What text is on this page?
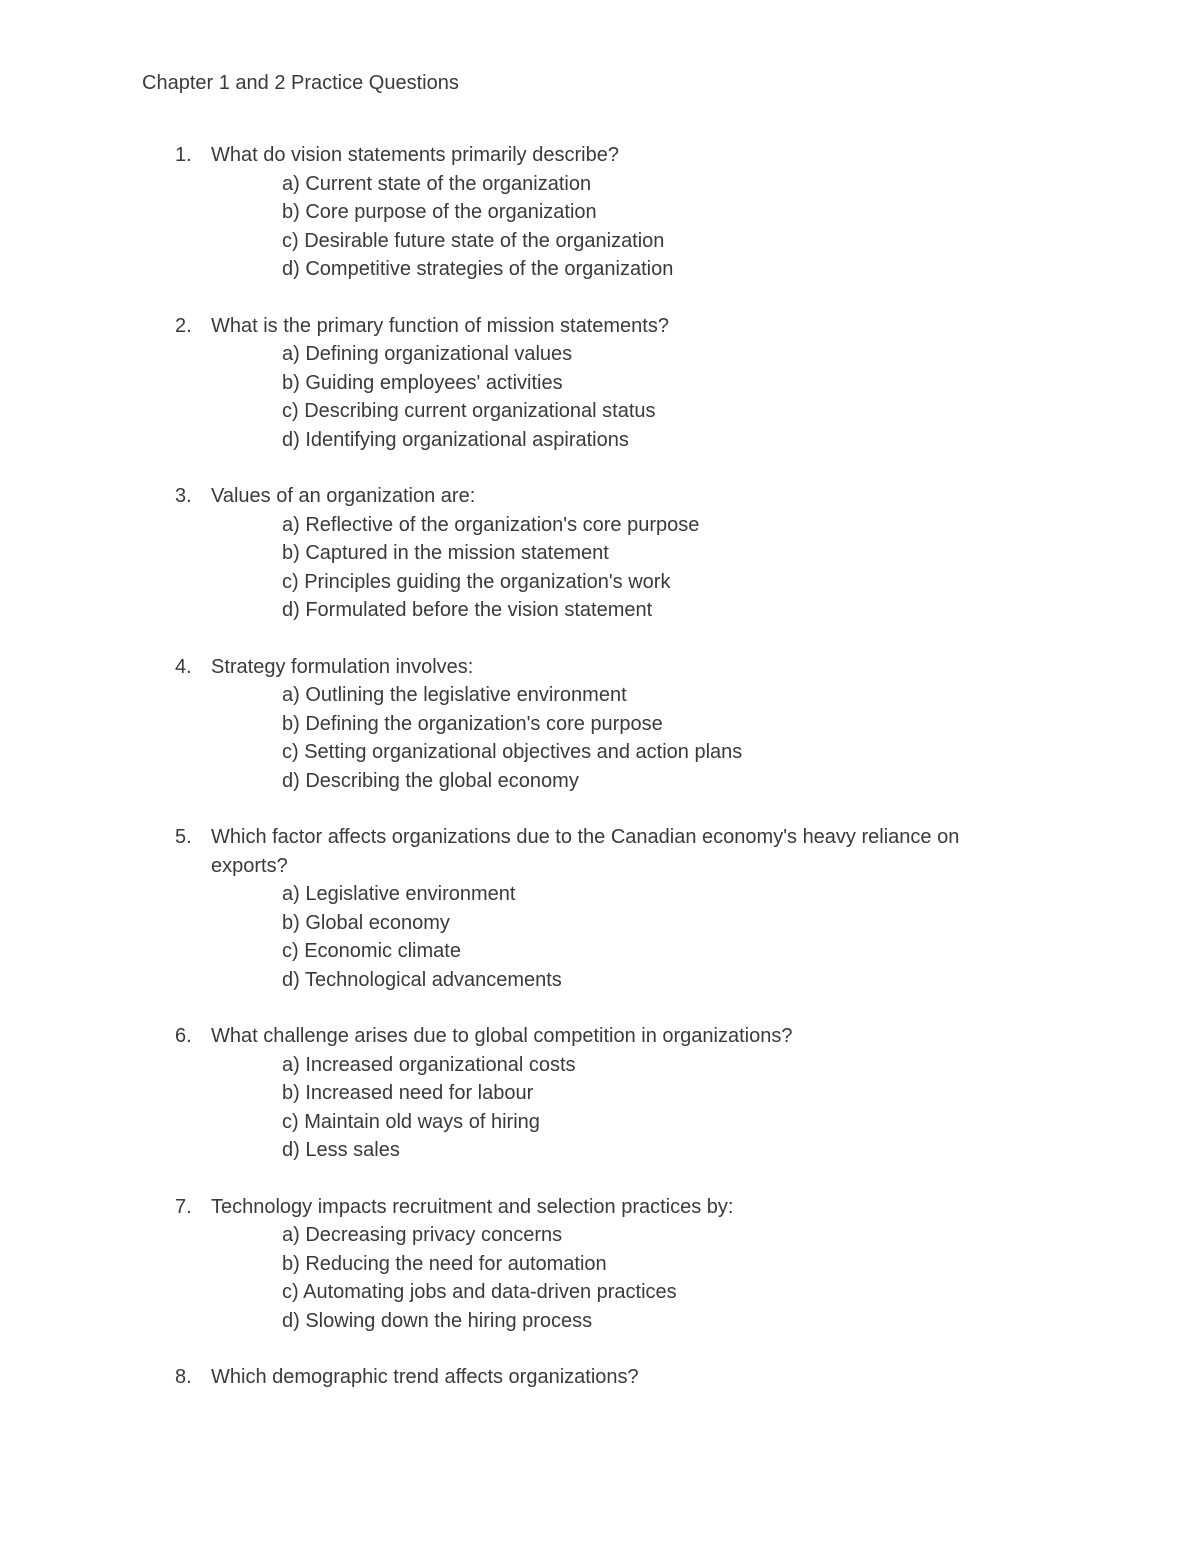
Chapter 1 and 2 Practice Questions
1. What do vision statements primarily describe?
a) Current state of the organization
b) Core purpose of the organization
c) Desirable future state of the organization
d) Competitive strategies of the organization
2. What is the primary function of mission statements?
a) Defining organizational values
b) Guiding employees' activities
c) Describing current organizational status
d) Identifying organizational aspirations
3. Values of an organization are:
a) Reflective of the organization's core purpose
b) Captured in the mission statement
c) Principles guiding the organization's work
d) Formulated before the vision statement
4. Strategy formulation involves:
a) Outlining the legislative environment
b) Defining the organization's core purpose
c) Setting organizational objectives and action plans
d) Describing the global economy
5. Which factor affects organizations due to the Canadian economy's heavy reliance on exports?
a) Legislative environment
b) Global economy
c) Economic climate
d) Technological advancements
6. What challenge arises due to global competition in organizations?
a) Increased organizational costs
b) Increased need for labour
c) Maintain old ways of hiring
d) Less sales
7. Technology impacts recruitment and selection practices by:
a) Decreasing privacy concerns
b) Reducing the need for automation
c) Automating jobs and data-driven practices
d) Slowing down the hiring process
8. Which demographic trend affects organizations?
